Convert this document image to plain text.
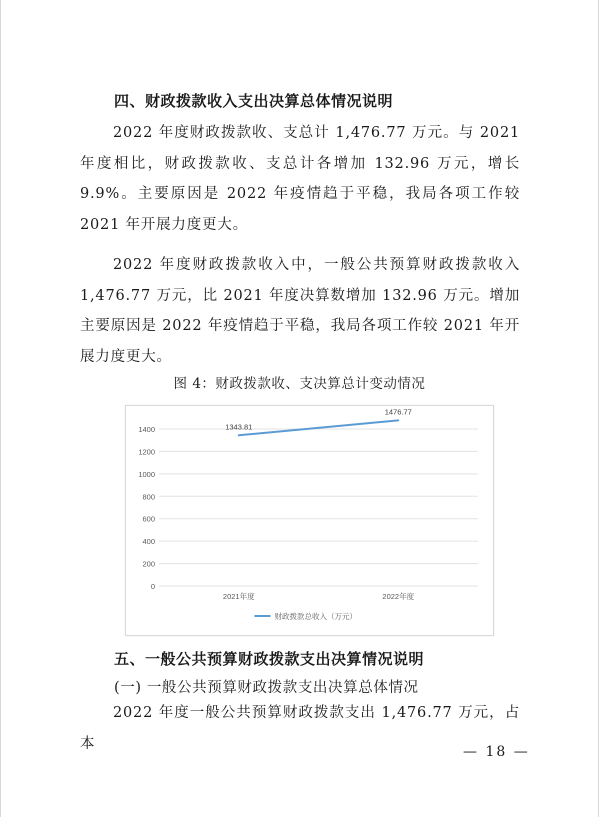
四、财政拨款收入支出决算总体情况说明

2022 年度财政拨款收、支总计 1,476.77 万元。与 2021 年度相比，财政拨款收、支总计各增加 132.96 万元，增长 9.9%。主要原因是 2022 年疫情趋于平稳，我局各项工作较 2021 年开展力度更大。

2022 年度财政拨款收入中，一般公共预算财政拨款收入 1,476.77 万元，比 2021 年度决算数增加 132.96 万元。增加主要原因是 2022 年疫情趋于平稳，我局各项工作较 2021 年开展力度更大。

图 4：财政拨款收、支决算总计变动情况
0
200
400
600
800
1000
1200
1400
2021年度	2022年度
1343.81
1476.77
财政拨款总收入（万元）
五、一般公共预算财政拨款支出决算情况说明
(一) 一般公共预算财政拨款支出决算总体情况

2022 年度一般公共预算财政拨款支出 1,476.77 万元，占本

— 18 —
